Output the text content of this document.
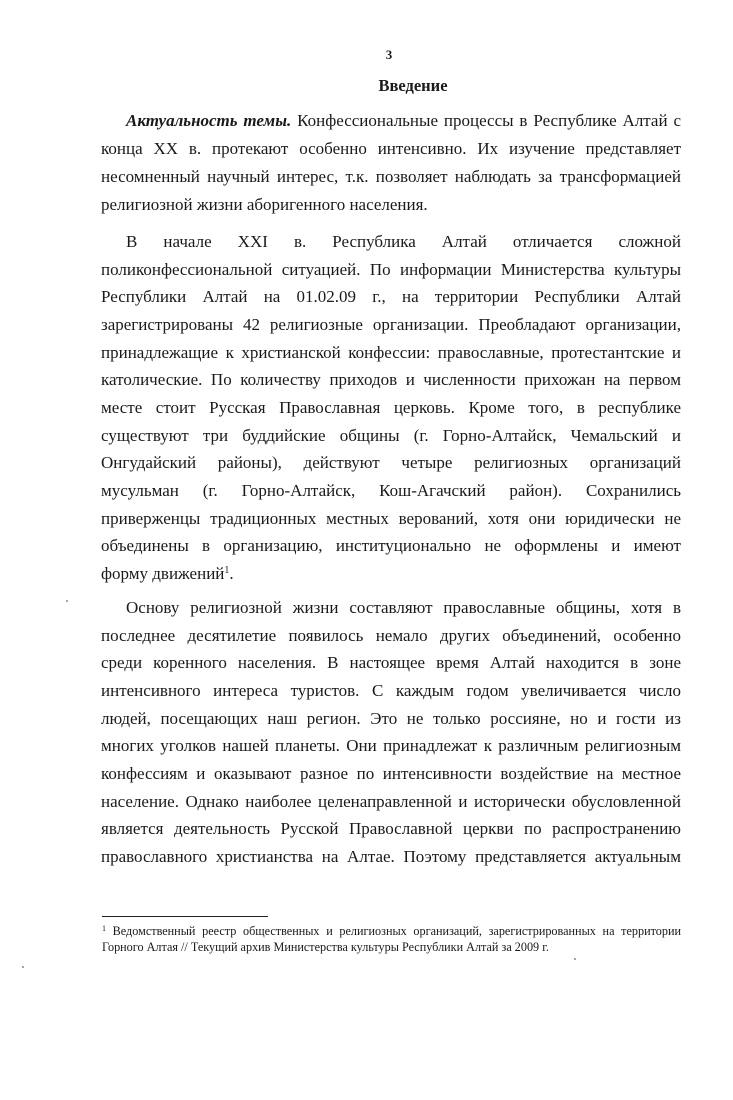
3
Введение
Актуальность темы. Конфессиональные процессы в Республике Алтай с
конца XX в. протекают особенно интенсивно. Их изучение представляет
несомненный научный интерес, т.к. позволяет наблюдать за трансформацией
религиозной жизни аборигенного населения.
В начале XXI в. Республика Алтай отличается сложной
поликонфессиональной ситуацией. По информации Министерства культуры
Республики Алтай на 01.02.09 г., на территории Республики Алтай
зарегистрированы 42 религиозные организации. Преобладают организации,
принадлежащие к христианской конфессии: православные, протестантские и
католические. По количеству приходов и численности прихожан на первом
месте стоит Русская Православная церковь. Кроме того, в республике
существуют три буддийские общины (г. Горно-Алтайск, Чемальский и
Онгудайский районы), действуют четыре религиозных организаций
мусульман (г. Горно-Алтайск, Кош-Агачский район). Сохранились
приверженцы традиционных местных верований, хотя они юридически не
объединены в организацию, институционально не оформлены и имеют
форму движений$^1$.
Основу религиозной жизни составляют православные общины, хотя в
последнее десятилетие появилось немало других объединений, особенно
среди коренного населения. В настоящее время Алтай находится в зоне
интенсивного интереса туристов. С каждым годом увеличивается число
людей, посещающих наш регион. Это не только россияне, но и гости из
многих уголков нашей планеты. Они принадлежат к различным религиозным
конфессиям и оказывают разное по интенсивности воздействие на местное
население. Однако наиболее целенаправленной и исторически обусловленной
является деятельность Русской Православной церкви по распространению
православного христианства на Алтае. Поэтому представляется актуальным
$^1$ Ведомственный реестр общественных и религиозных организаций, зарегистрированных на территории
Горного Алтая // Текущий архив Министерства культуры Республики Алтай за 2009 г.
